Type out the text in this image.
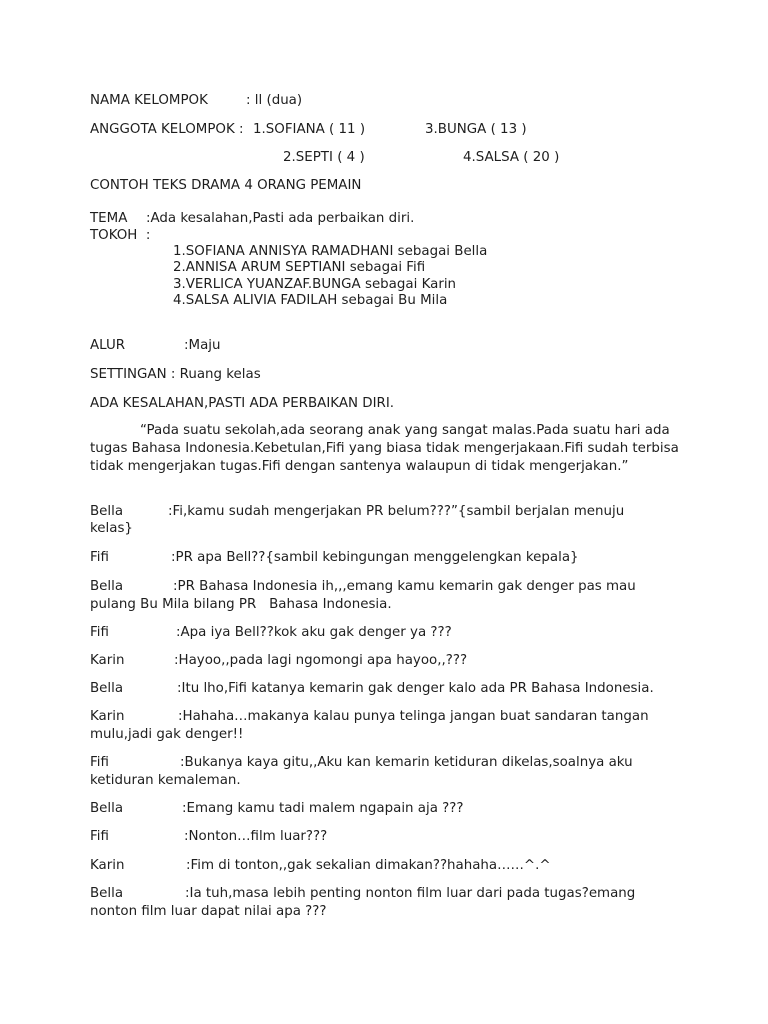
NAMA KELOMPOK	: ll (dua)
ANGGOTA KELOMPOK : 1.SOFIANA ( 11 )	3.BUNGA ( 13 )
2.SEPTI ( 4 )	4.SALSA ( 20 )
CONTOH TEKS DRAMA 4 ORANG PEMAIN
TEMA :Ada kesalahan,Pasti ada perbaikan diri.
TOKOH  :
1.SOFIANA ANNISYA RAMADHANI sebagai Bella
2.ANNISA ARUM SEPTIANI sebagai Fifi
3.VERLICA YUANZAF.BUNGA sebagai Karin
4.SALSA ALIVIA FADILAH sebagai Bu Mila
ALUR	:Maju
SETTINGAN : Ruang kelas
ADA KESALAHAN,PASTI ADA PERBAIKAN DIRI.
“Pada suatu sekolah,ada seorang anak yang sangat malas.Pada suatu hari ada tugas Bahasa Indonesia.Kebetulan,Fifi yang biasa tidak mengerjakaan.Fifi sudah terbisa tidak mengerjakan tugas.Fifi dengan santenya walaupun di tidak mengerjakan.”
Bella	:Fi,kamu sudah mengerjakan PR belum???”{sambil berjalan menuju
kelas}
Fifi	:PR apa Bell??{sambil kebingungan menggelengkan kepala}
Bella	:PR Bahasa Indonesia ih,,,emang kamu kemarin gak denger pas mau
pulang Bu Mila bilang PR   Bahasa Indonesia.
Fifi	:Apa iya Bell??kok aku gak denger ya ???
Karin	:Hayoo,,pada lagi ngomongi apa hayoo,,???
Bella	:Itu lho,Fifi katanya kemarin gak denger kalo ada PR Bahasa Indonesia.
Karin	:Hahaha…makanya kalau punya telinga jangan buat sandaran tangan
mulu,jadi gak denger!!
Fifi	:Bukanya kaya gitu,,Aku kan kemarin ketiduran dikelas,soalnya aku
ketiduran kemaleman.
Bella	:Emang kamu tadi malem ngapain aja ???
Fifi	:Nonton…film luar???
Karin	:Fim di tonton,,gak sekalian dimakan??hahaha……^.^
Bella	:Ia tuh,masa lebih penting nonton film luar dari pada tugas?emang
nonton film luar dapat nilai apa ???
